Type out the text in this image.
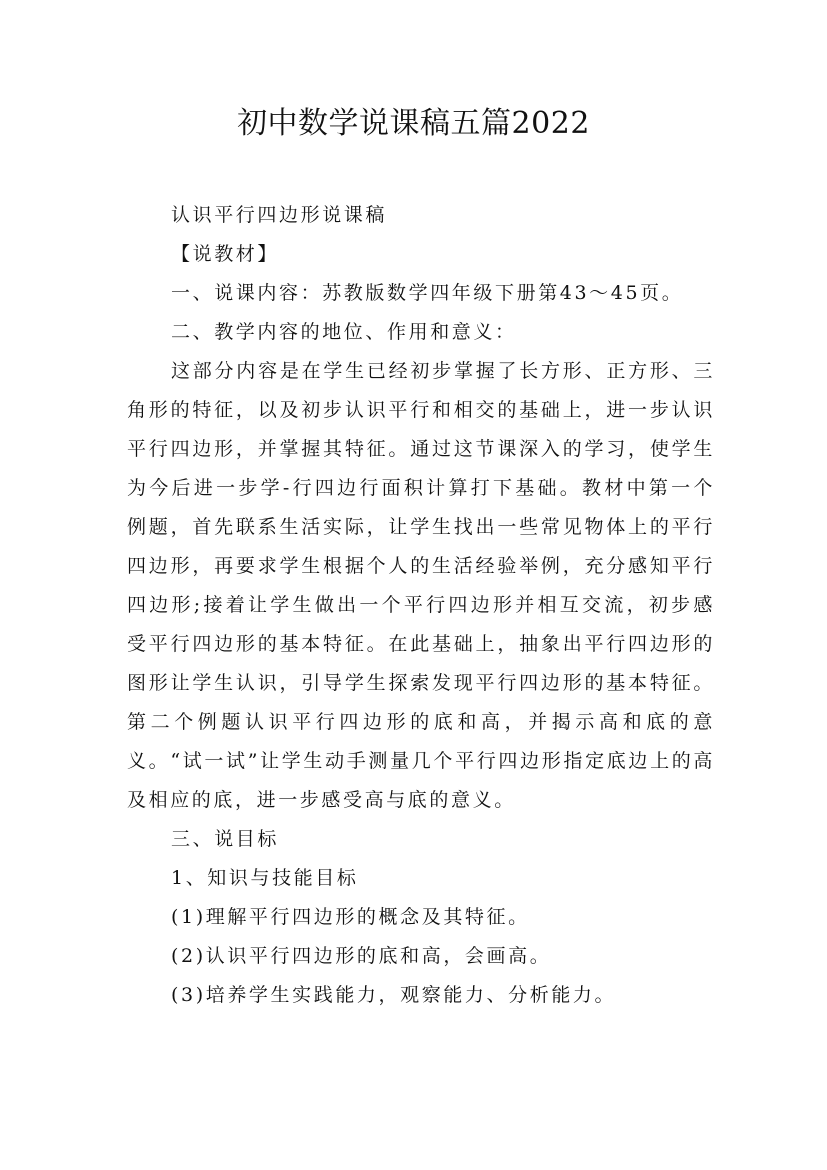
初中数学说课稿五篇2022

认识平行四边形说课稿

【说教材】

一、说课内容：苏教版数学四年级下册第43～45页。

二、教学内容的地位、作用和意义：

这部分内容是在学生已经初步掌握了长方形、正方形、三角形的特征，以及初步认识平行和相交的基础上，进一步认识平行四边形，并掌握其特征。通过这节课深入的学习，使学生为今后进一步学-行四边行面积计算打下基础。教材中第一个例题，首先联系生活实际，让学生找出一些常见物体上的平行四边形，再要求学生根据个人的生活经验举例，充分感知平行四边形;接着让学生做出一个平行四边形并相互交流，初步感受平行四边形的基本特征。在此基础上，抽象出平行四边形的图形让学生认识，引导学生探索发现平行四边形的基本特征。第二个例题认识平行四边形的底和高，并揭示高和底的意义。“试一试”让学生动手测量几个平行四边形指定底边上的高及相应的底，进一步感受高与底的意义。

三、说目标

1、知识与技能目标

(1)理解平行四边形的概念及其特征。

(2)认识平行四边形的底和高，会画高。

(3)培养学生实践能力，观察能力、分析能力。
